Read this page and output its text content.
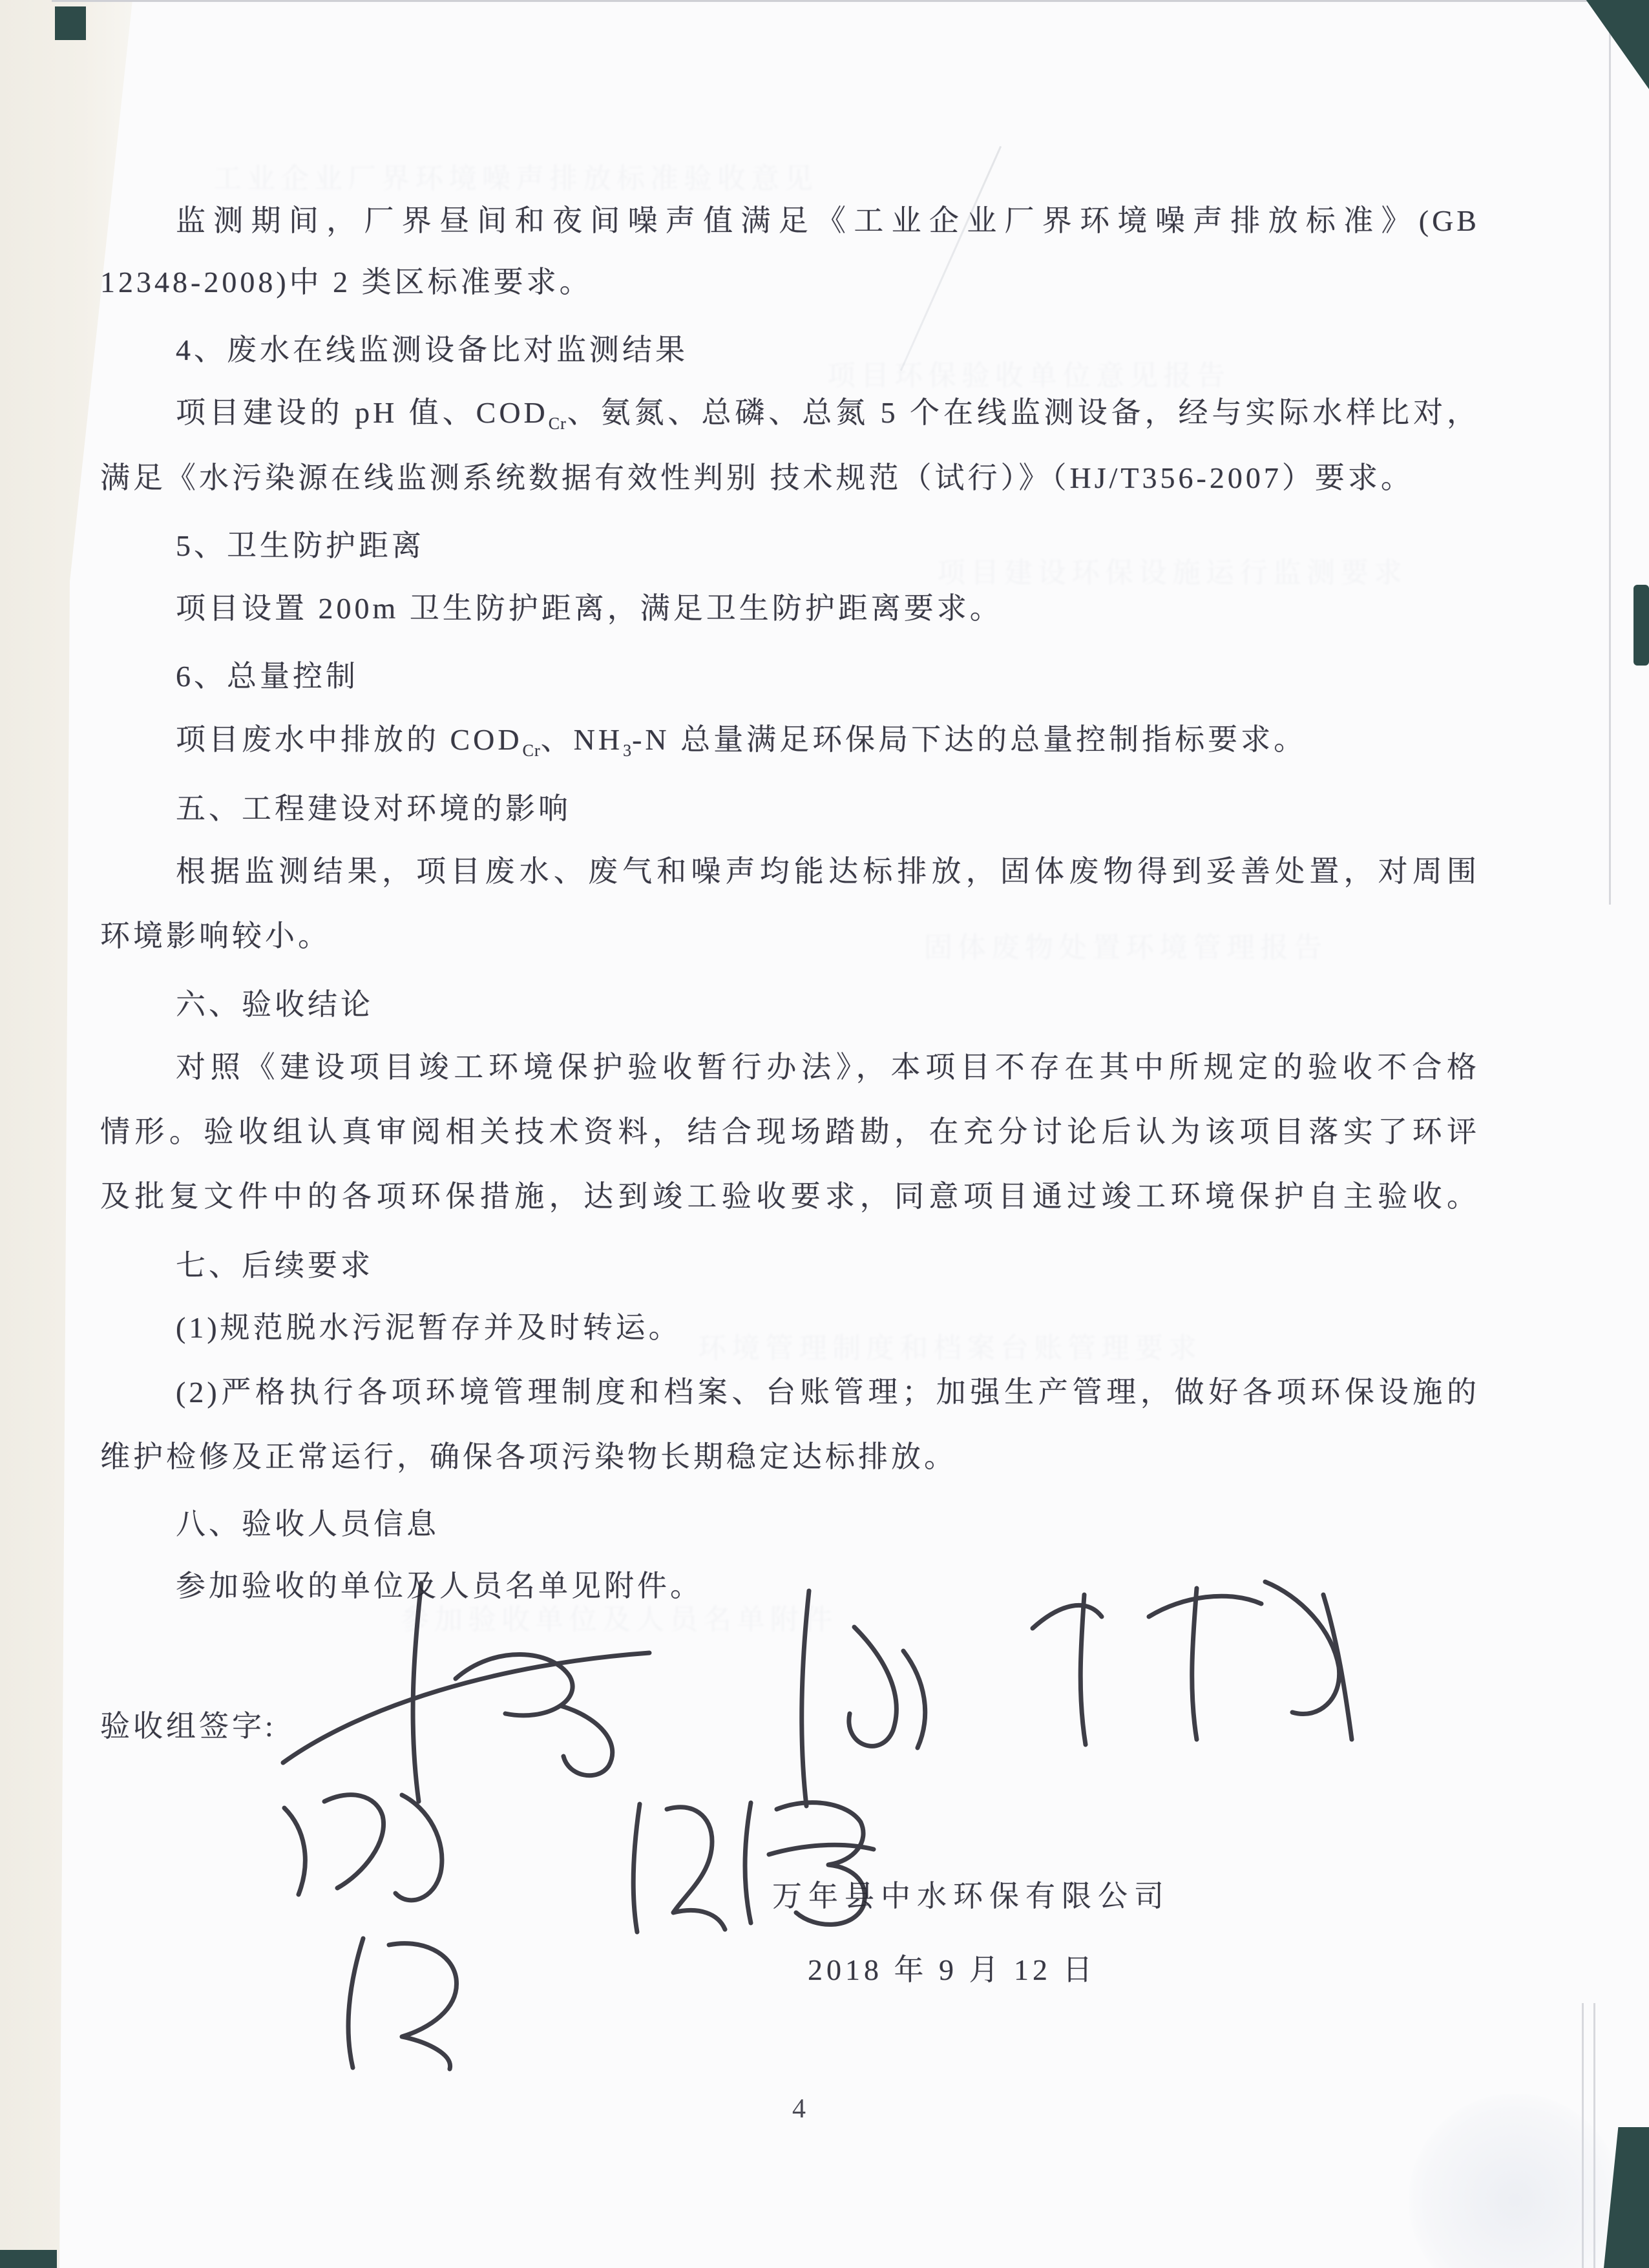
工业企业厂界环境噪声排放标准验收意见
项目环保验收单位意见报告
项目建设环保设施运行监测要求
固体废物处置环境管理报告
环境管理制度和档案台账管理要求
参加验收单位及人员名单附件
监测期间，厂界昼间和夜间噪声值满足《工业企业厂界环境噪声排放标准》(GB
12348-2008)中 2 类区标准要求。
4、废水在线监测设备比对监测结果
项目建设的 pH 值、$COD_{Cr}$、氨氮、总磷、总氮 5 个在线监测设备，经与实际水样比对，
满足《水污染源在线监测系统数据有效性判别 技术规范（试行）》（HJ/T356-2007）要求。
5、卫生防护距离
项目设置 200m 卫生防护距离，满足卫生防护距离要求。
6、总量控制
项目废水中排放的 $COD_{Cr}$、$NH_3-N$ 总量满足环保局下达的总量控制指标要求。
五、工程建设对环境的影响
根据监测结果，项目废水、废气和噪声均能达标排放，固体废物得到妥善处置，对周围
环境影响较小。
六、验收结论
对照《建设项目竣工环境保护验收暂行办法》，本项目不存在其中所规定的验收不合格
情形。验收组认真审阅相关技术资料，结合现场踏勘，在充分讨论后认为该项目落实了环评
及批复文件中的各项环保措施，达到竣工验收要求，同意项目通过竣工环境保护自主验收。
七、后续要求
(1)规范脱水污泥暂存并及时转运。
(2)严格执行各项环境管理制度和档案、台账管理；加强生产管理，做好各项环保设施的
维护检修及正常运行，确保各项污染物长期稳定达标排放。
八、验收人员信息
参加验收的单位及人员名单见附件。
验收组签字:
万年县中水环保有限公司
2018 年 9 月 12 日
4
